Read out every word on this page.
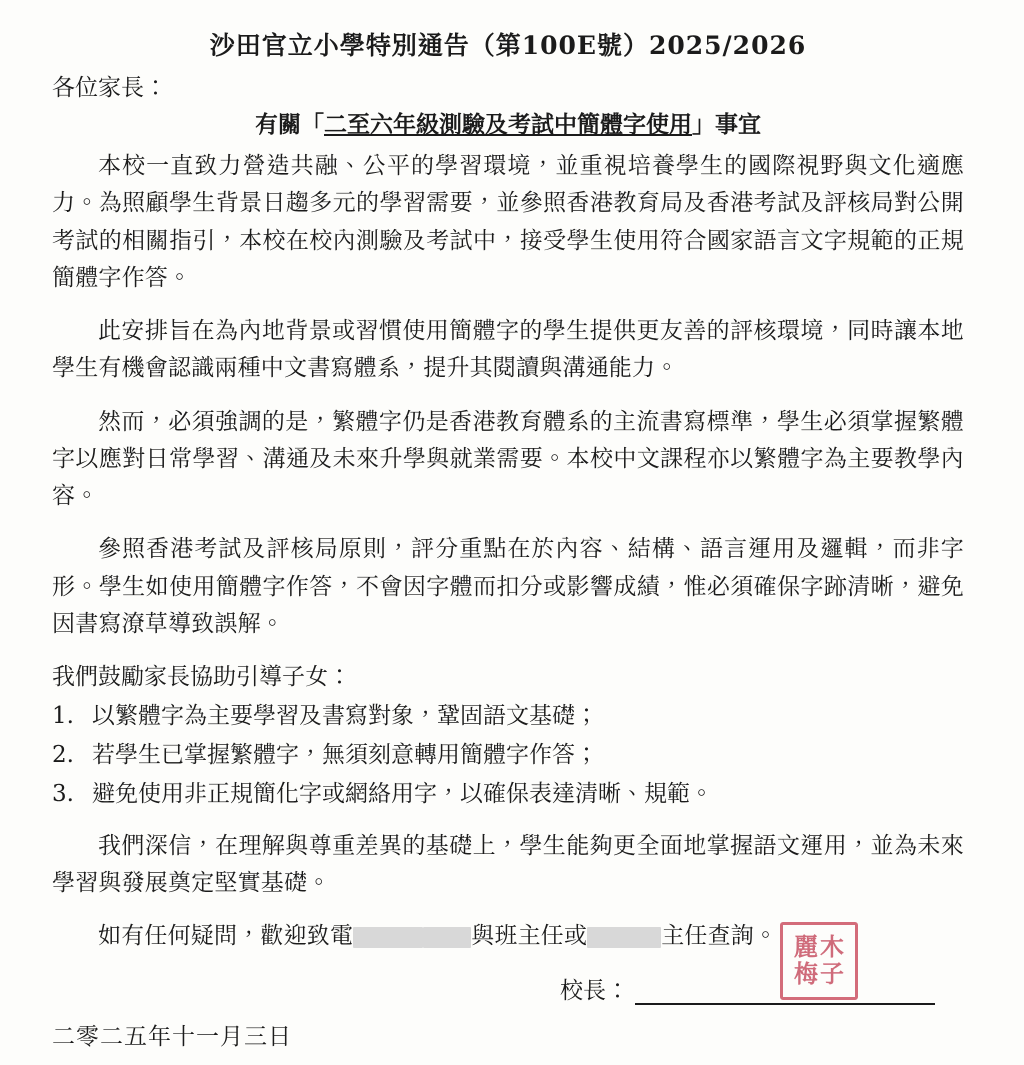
沙田官立小學特別通告（第100E號）2025/2026

各位家長：

有關「二至六年級測驗及考試中簡體字使用」事宜

本校一直致力營造共融、公平的學習環境，並重視培養學生的國際視野與文化適應力。為照顧學生背景日趨多元的學習需要，並參照香港教育局及香港考試及評核局對公開考試的相關指引，本校在校內測驗及考試中，接受學生使用符合國家語言文字規範的正規簡體字作答。

此安排旨在為內地背景或習慣使用簡體字的學生提供更友善的評核環境，同時讓本地學生有機會認識兩種中文書寫體系，提升其閱讀與溝通能力。

然而，必須強調的是，繁體字仍是香港教育體系的主流書寫標準，學生必須掌握繁體字以應對日常學習、溝通及未來升學與就業需要。本校中文課程亦以繁體字為主要教學內容。

參照香港考試及評核局原則，評分重點在於內容、結構、語言運用及邏輯，而非字形。學生如使用簡體字作答，不會因字體而扣分或影響成績，惟必須確保字跡清晰，避免因書寫潦草導致誤解。

我們鼓勵家長協助引導子女：

1. 以繁體字為主要學習及書寫對象，鞏固語文基礎；
2. 若學生已掌握繁體字，無須刻意轉用簡體字作答；
3. 避免使用非正規簡化字或網絡用字，以確保表達清晰、規範。

我們深信，在理解與尊重差異的基礎上，學生能夠更全面地掌握語文運用，並為未來學習與發展奠定堅實基礎。

如有任何疑問，歡迎致電	與班主任或	主任查詢。	木
子
麗
梅
校長：
二零二五年十一月三日
